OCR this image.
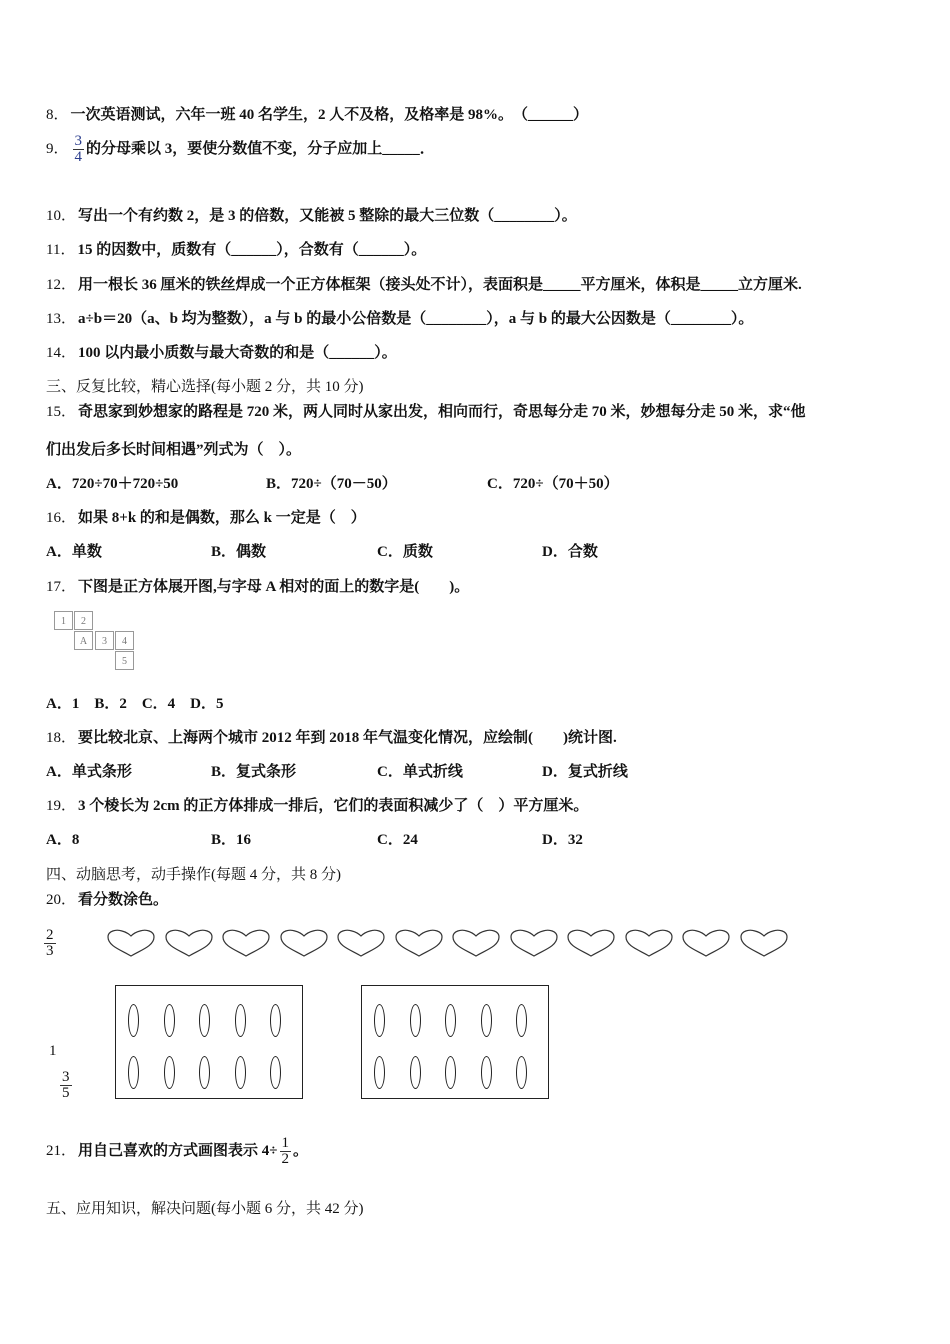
8． 一次英语测试，六年一班 40 名学生，2 人不及格，及格率是 98%。　（______）
9． $\frac{3}{4}$ 的分母乘以 3，要使分数值不变，分子应加上_____．
10． 写出一个有约数 2，是 3 的倍数，又能被 5 整除的最大三位数（________）。
11． 15 的因数中，质数有（______），合数有（______）。
12． 用一根长 36 厘米的铁丝焊成一个正方体框架（接头处不计），表面积是_____平方厘米，体积是_____立方厘米.
13． a÷b＝20（a、b 均为整数），a 与 b 的最小公倍数是（________），a 与 b 的最大公因数是（________）。
14． 100 以内最小质数与最大奇数的和是（______）。
三、反复比较，精心选择(每小题 2 分，共 10 分)
15． 奇思家到妙想家的路程是 720 米，两人同时从家出发，相向而行，奇思每分走 70 米，妙想每分走 50 米，求“他
们出发后多长时间相遇”列式为（　）。
A．720÷70＋720÷50	B．720÷（70－50）	C．720÷（70＋50）
16． 如果 8+k 的和是偶数，那么 k 一定是（　）
A．单数	B．偶数	C．质数	D．合数
17． 下图是正方体展开图,与字母 A 相对的面上的数字是(　　)。
1	2
A	3	4
5
A．1　B．2　C．4　D．5
18． 要比较北京、上海两个城市 2012 年到 2018 年气温变化情况，应绘制(　　)统计图.
A．单式条形	B．复式条形	C．单式折线	D．复式折线
19． 3 个棱长为 2cm 的正方体排成一排后，它们的表面积减少了（　）平方厘米。
A．8	B．16	C．24	D．32
四、动脑思考，动手操作(每题 4 分，共 8 分)
20． 看分数涂色。
$\frac{2}{3}$
1
$\frac{3}{5}$
21． 用自己喜欢的方式画图表示 $4\div \frac{1}{2}$ 。
五、应用知识，解决问题(每小题 6 分，共 42 分)
